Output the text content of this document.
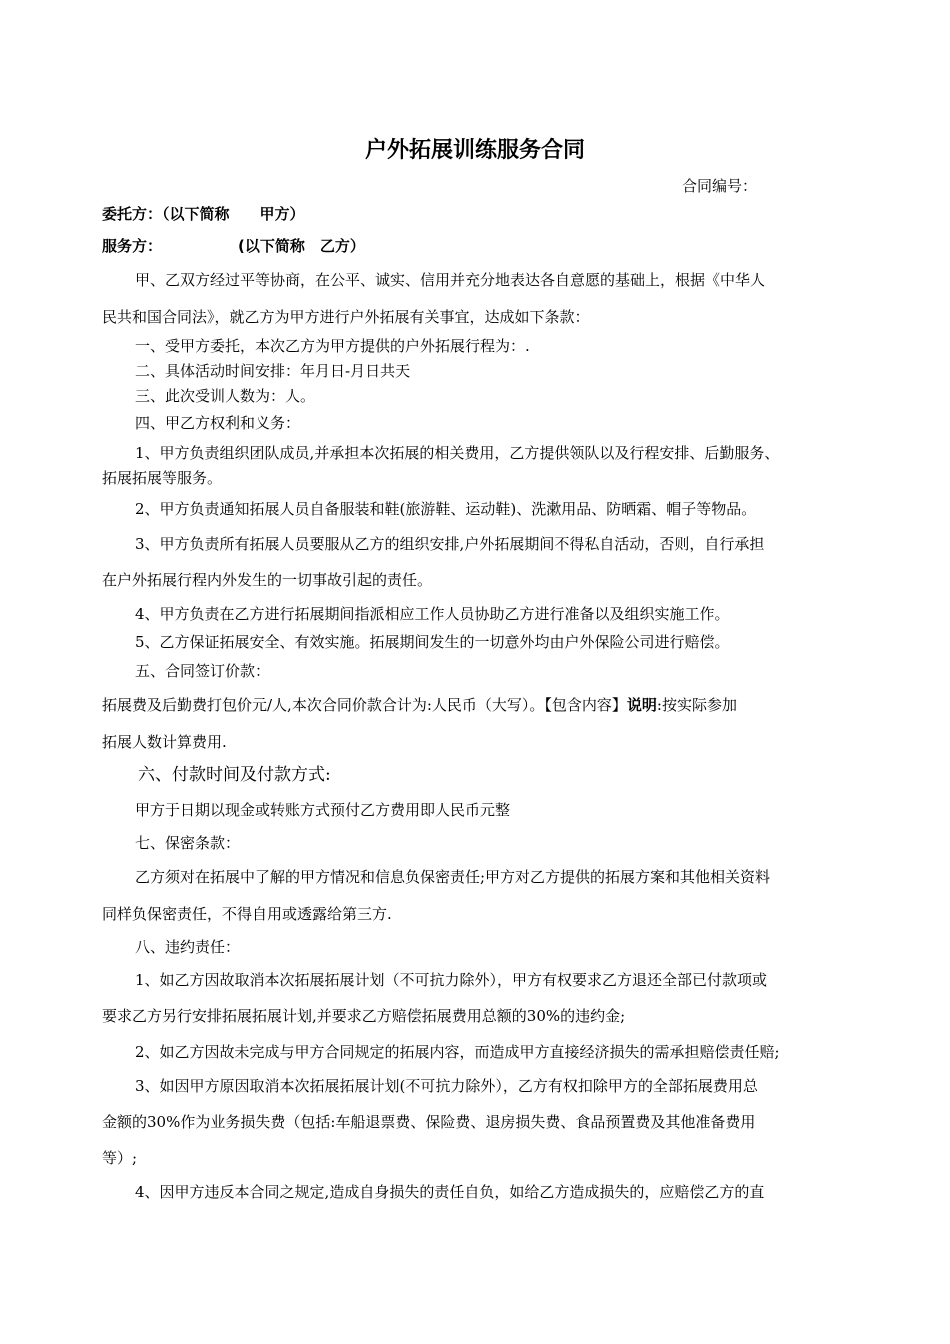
户外拓展训练服务合同
合同编号：
委托方：（以下简称　　甲方）
服务方：	(以下简称　乙方）
甲、乙双方经过平等协商，在公平、诚实、信用并充分地表达各自意愿的基础上，根据《中华人
民共和国合同法》，就乙方为甲方进行户外拓展有关事宜，达成如下条款：
一、受甲方委托，本次乙方为甲方提供的户外拓展行程为：.
二、具体活动时间安排：年月日-月日共天
三、此次受训人数为：人。
四、甲乙方权利和义务：
1、甲方负责组织团队成员,并承担本次拓展的相关费用，乙方提供领队以及行程安排、后勤服务、
拓展拓展等服务。
2、甲方负责通知拓展人员自备服装和鞋(旅游鞋、运动鞋)、洗漱用品、防晒霜、帽子等物品。
3、甲方负责所有拓展人员要服从乙方的组织安排,户外拓展期间不得私自活动，否则，自行承担
在户外拓展行程内外发生的一切事故引起的责任。
4、甲方负责在乙方进行拓展期间指派相应工作人员协助乙方进行准备以及组织实施工作。
5、乙方保证拓展安全、有效实施。拓展期间发生的一切意外均由户外保险公司进行赔偿。
五、合同签订价款：
拓展费及后勤费打包价元/人,本次合同价款合计为:人民币（大写）。【包含内容】说明:按实际参加
拓展人数计算费用.
六、付款时间及付款方式:
甲方于日期以现金或转账方式预付乙方费用即人民币元整
七、保密条款：
乙方须对在拓展中了解的甲方情况和信息负保密责任;甲方对乙方提供的拓展方案和其他相关资料
同样负保密责任，不得自用或透露给第三方.
八、违约责任：
1、如乙方因故取消本次拓展拓展计划（不可抗力除外），甲方有权要求乙方退还全部已付款项或
要求乙方另行安排拓展拓展计划,并要求乙方赔偿拓展费用总额的30%的违约金;
2、如乙方因故未完成与甲方合同规定的拓展内容，而造成甲方直接经济损失的需承担赔偿责任赔;
3、如因甲方原因取消本次拓展拓展计划(不可抗力除外），乙方有权扣除甲方的全部拓展费用总
金额的30%作为业务损失费（包括:车船退票费、保险费、退房损失费、食品预置费及其他准备费用
等）;
4、因甲方违反本合同之规定,造成自身损失的责任自负，如给乙方造成损失的，应赔偿乙方的直
